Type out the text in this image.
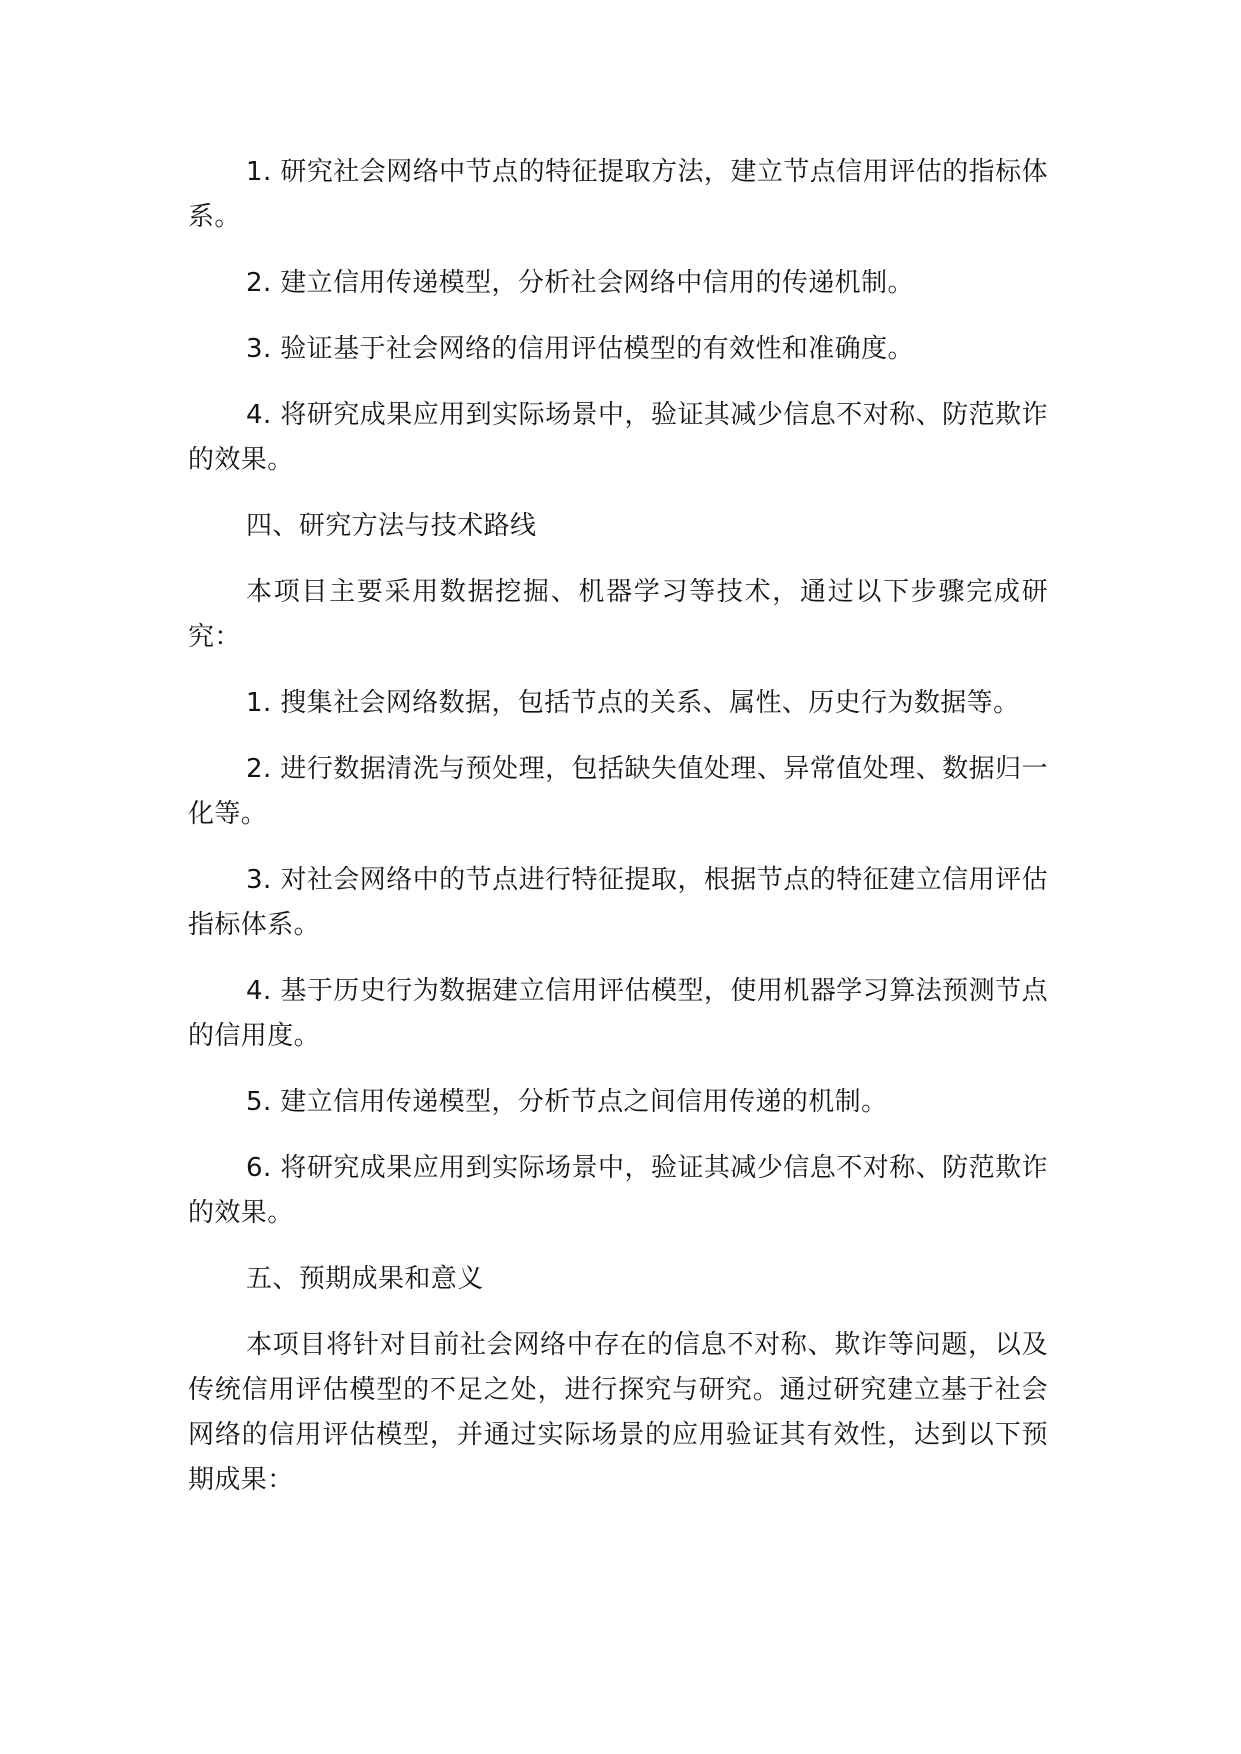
1. 研究社会网络中节点的特征提取方法，建立节点信用评估的指标体系。

2. 建立信用传递模型，分析社会网络中信用的传递机制。

3. 验证基于社会网络的信用评估模型的有效性和准确度。

4. 将研究成果应用到实际场景中，验证其减少信息不对称、防范欺诈的效果。

四、研究方法与技术路线

本项目主要采用数据挖掘、机器学习等技术，通过以下步骤完成研究：

1. 搜集社会网络数据，包括节点的关系、属性、历史行为数据等。

2. 进行数据清洗与预处理，包括缺失值处理、异常值处理、数据归一化等。

3. 对社会网络中的节点进行特征提取，根据节点的特征建立信用评估指标体系。

4. 基于历史行为数据建立信用评估模型，使用机器学习算法预测节点的信用度。

5. 建立信用传递模型，分析节点之间信用传递的机制。

6. 将研究成果应用到实际场景中，验证其减少信息不对称、防范欺诈的效果。

五、预期成果和意义

本项目将针对目前社会网络中存在的信息不对称、欺诈等问题，以及传统信用评估模型的不足之处，进行探究与研究。通过研究建立基于社会网络的信用评估模型，并通过实际场景的应用验证其有效性，达到以下预期成果：
